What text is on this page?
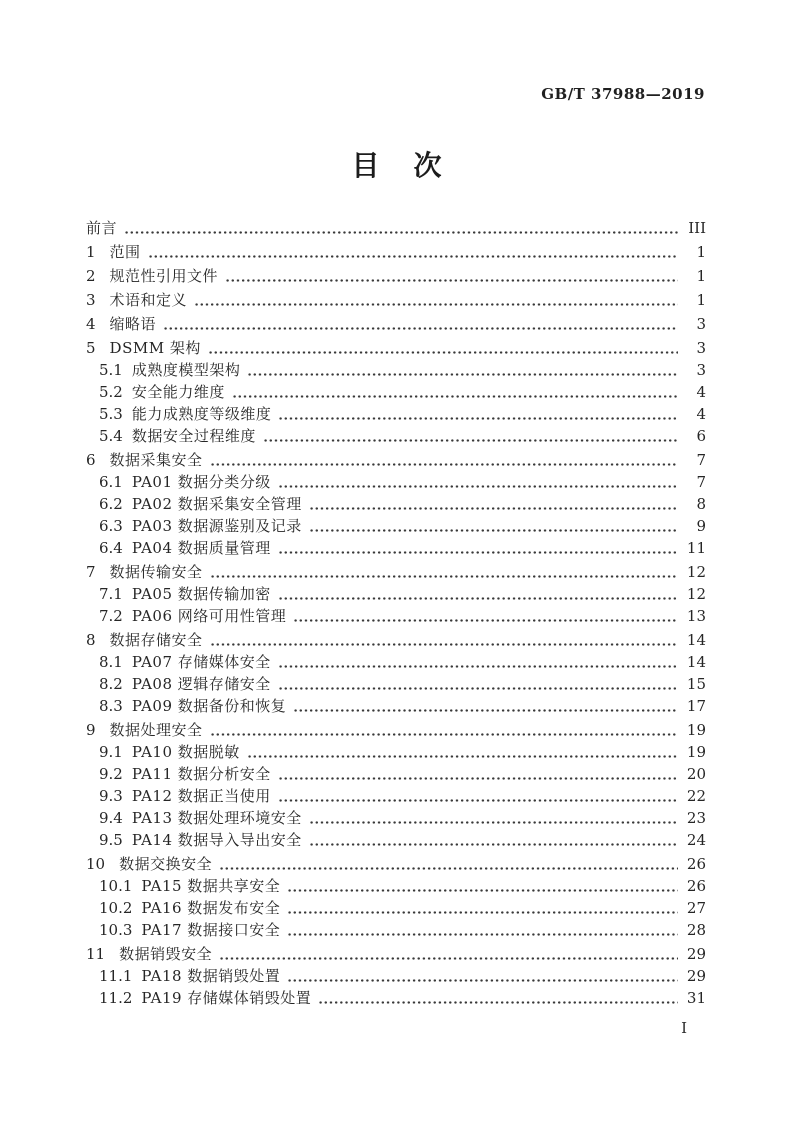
GB/T 37988—2019
目 次
前言	III
1 范围	1
2 规范性引用文件	1
3 术语和定义	1
4 缩略语	3
5 DSMM 架构	3
5.1 成熟度模型架构	3
5.2 安全能力维度	4
5.3 能力成熟度等级维度	4
5.4 数据安全过程维度	6
6 数据采集安全	7
6.1 PA01 数据分类分级	7
6.2 PA02 数据采集安全管理	8
6.3 PA03 数据源鉴别及记录	9
6.4 PA04 数据质量管理	11
7 数据传输安全	12
7.1 PA05 数据传输加密	12
7.2 PA06 网络可用性管理	13
8 数据存储安全	14
8.1 PA07 存储媒体安全	14
8.2 PA08 逻辑存储安全	15
8.3 PA09 数据备份和恢复	17
9 数据处理安全	19
9.1 PA10 数据脱敏	19
9.2 PA11 数据分析安全	20
9.3 PA12 数据正当使用	22
9.4 PA13 数据处理环境安全	23
9.5 PA14 数据导入导出安全	24
10 数据交换安全	26
10.1 PA15 数据共享安全	26
10.2 PA16 数据发布安全	27
10.3 PA17 数据接口安全	28
11 数据销毁安全	29
11.1 PA18 数据销毁处置	29
11.2 PA19 存储媒体销毁处置	31
I
